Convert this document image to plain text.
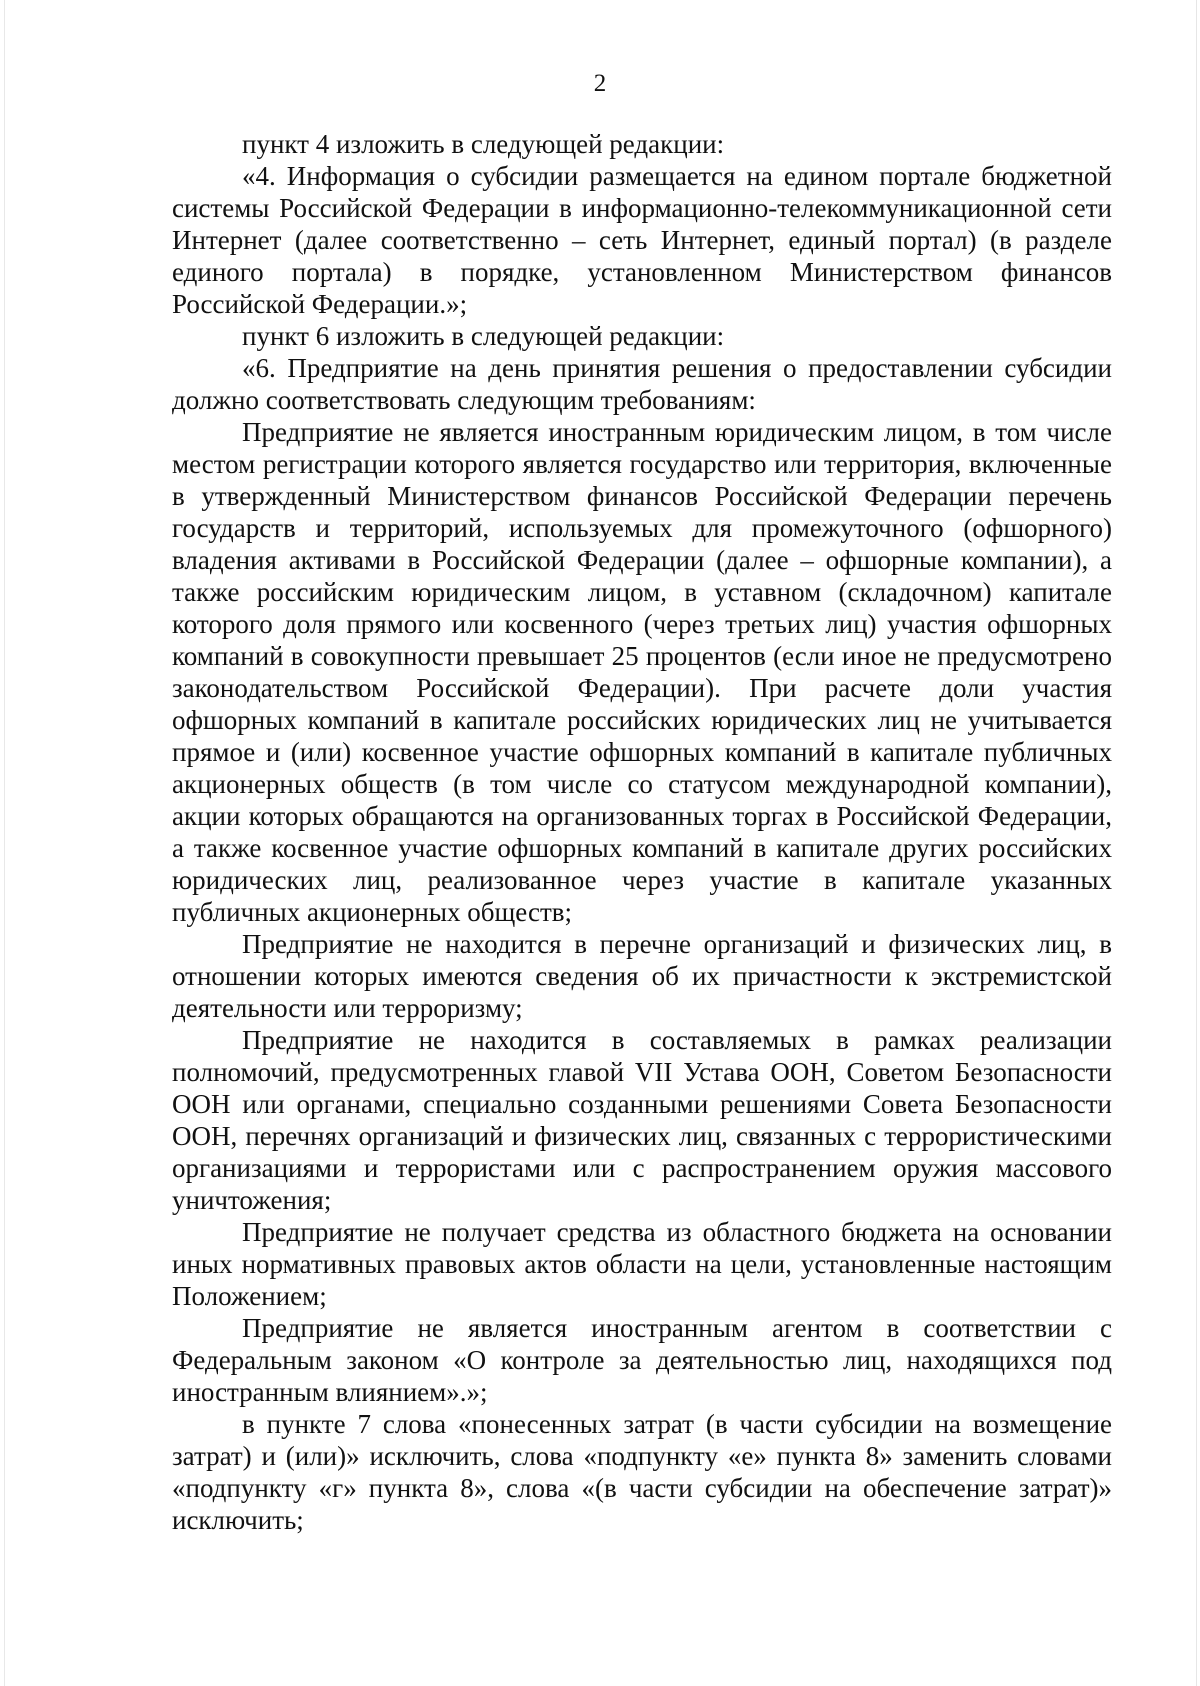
2

пункт 4 изложить в следующей редакции:

«4. Информация о субсидии размещается на едином портале бюджетной системы Российской Федерации в информационно-телекоммуникационной сети Интернет (далее соответственно – сеть Интернет, единый портал) (в разделе единого портала) в порядке, установленном Министерством финансов Российской Федерации.»;

пункт 6 изложить в следующей редакции:

«6. Предприятие на день принятия решения о предоставлении субсидии должно соответствовать следующим требованиям:

Предприятие не является иностранным юридическим лицом, в том числе местом регистрации которого является государство или территория, включенные в утвержденный Министерством финансов Российской Федерации перечень государств и территорий, используемых для промежуточного (офшорного) владения активами в Российской Федерации (далее – офшорные компании), а также российским юридическим лицом, в уставном (складочном) капитале которого доля прямого или косвенного (через третьих лиц) участия офшорных компаний в совокупности превышает 25 процентов (если иное не предусмотрено законодательством Российской Федерации). При расчете доли участия офшорных компаний в капитале российских юридических лиц не учитывается прямое и (или) косвенное участие офшорных компаний в капитале публичных акционерных обществ (в том числе со статусом международной компании), акции которых обращаются на организованных торгах в Российской Федерации, а также косвенное участие офшорных компаний в капитале других российских юридических лиц, реализованное через участие в капитале указанных публичных акционерных обществ;

Предприятие не находится в перечне организаций и физических лиц, в отношении которых имеются сведения об их причастности к экстремистской деятельности или терроризму;

Предприятие не находится в составляемых в рамках реализации полномочий, предусмотренных главой VII Устава ООН, Советом Безопасности ООН или органами, специально созданными решениями Совета Безопасности ООН, перечнях организаций и физических лиц, связанных с террористическими организациями и террористами или с распространением оружия массового уничтожения;

Предприятие не получает средства из областного бюджета на основании иных нормативных правовых актов области на цели, установленные настоящим Положением;

Предприятие не является иностранным агентом в соответствии с Федеральным законом «О контроле за деятельностью лиц, находящихся под иностранным влиянием».»;

в пункте 7 слова «понесенных затрат (в части субсидии на возмещение затрат) и (или)» исключить, слова «подпункту «е» пункта 8» заменить словами «подпункту «г» пункта 8», слова «(в части субсидии на обеспечение затрат)» исключить;
